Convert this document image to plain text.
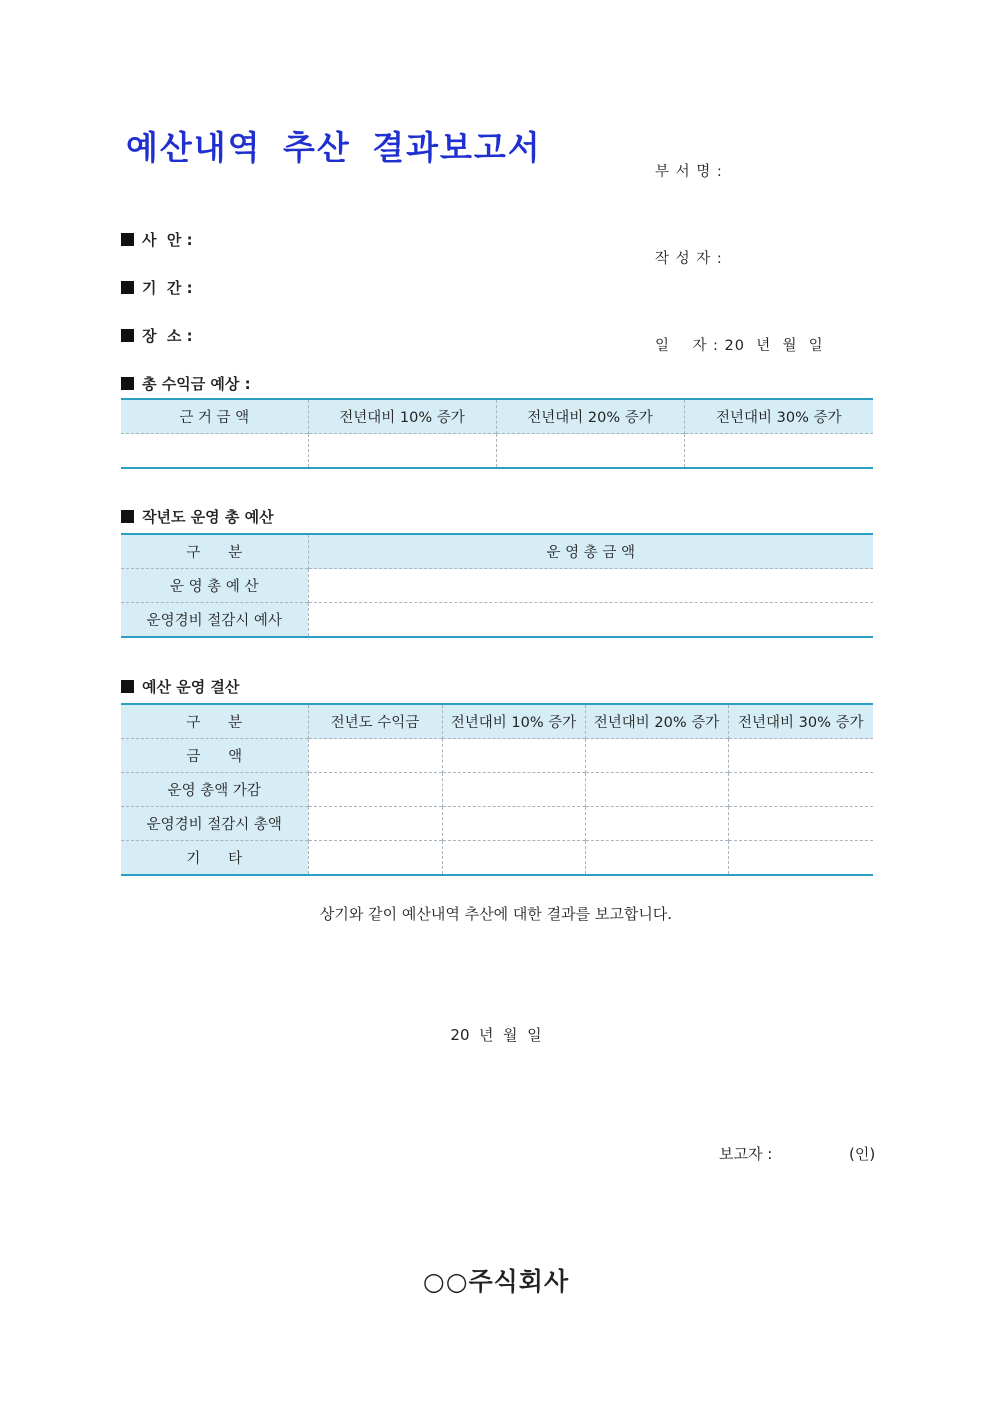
예산내역 추산 결과보고서

부 서 명 :

작 성 자 :

일    자 : 20  년  월  일

사  안 :
기  간 :
장  소 :
총 수익금 예상 :
근 거 금 액	전년대비 10% 증가	전년대비 20% 증가	전년대비 30% 증가

작년도 운영 총 예산
구      분	운 영 총 금 액
운 영 총 예 산	
운영경비 절감시 예사	
예산 운영 결산
구      분	전년도 수익금	전년대비 10% 증가	전년대비 20% 증가	전년대비 30% 증가
금      액				
운영 총액 가감				
운영경비 절감시 총액				
기      타				
상기와 같이 예산내역 추산에 대한 결과를 보고합니다.
20  년  월  일
보고자 :	(인)
○○주식회사
